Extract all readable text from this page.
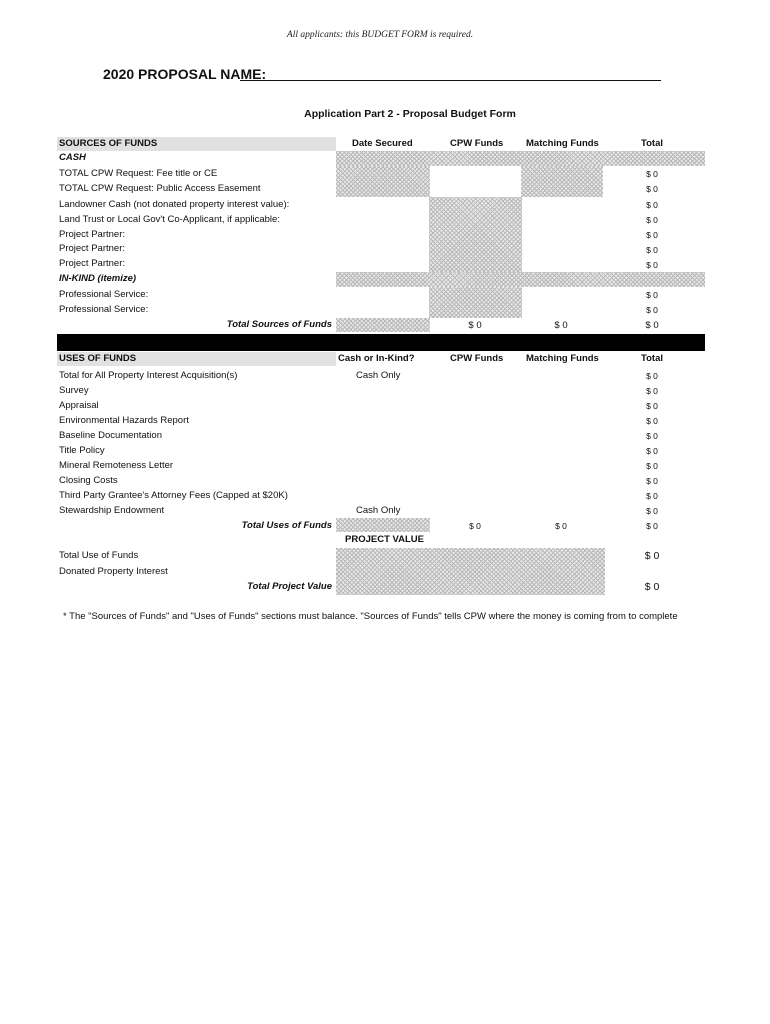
All applicants: this BUDGET FORM is required.
2020 PROPOSAL NAME:
Application Part 2 - Proposal Budget Form
SOURCES OF FUNDS	Date Secured	CPW Funds Matching Funds	Total
CASH
TOTAL CPW Request: Fee title or CE	$ 0
TOTAL CPW Request: Public Access Easement	$ 0
Landowner Cash (not donated property interest value):	$ 0
Land Trust or Local Gov't Co-Applicant, if applicable:	$ 0
Project Partner:	$ 0
Project Partner:	$ 0
Project Partner:	$ 0
IN-KIND (itemize)
Professional Service:	$ 0
Professional Service:	$ 0
Total Sources of Funds	$ 0	$ 0	$ 0
USES OF FUNDS	Cash or In-Kind?	CPW Funds Matching Funds	Total
Total for All Property Interest Acquisition(s)	Cash Only	$ 0
Survey	$ 0
Appraisal	$ 0
Environmental Hazards Report	$ 0
Baseline Documentation	$ 0
Title Policy	$ 0
Mineral Remoteness Letter	$ 0
Closing Costs	$ 0
Third Party Grantee's Attorney Fees (Capped at $20K)	$ 0
Stewardship Endowment	Cash Only	$ 0
Total Uses of Funds	$ 0	$ 0	$ 0
PROJECT VALUE
Total Use of Funds	$ 0
Donated Property Interest
Total Project Value	$ 0
* The "Sources of Funds" and "Uses of Funds" sections must balance. "Sources of Funds" tells CPW where the money is coming from to complete
